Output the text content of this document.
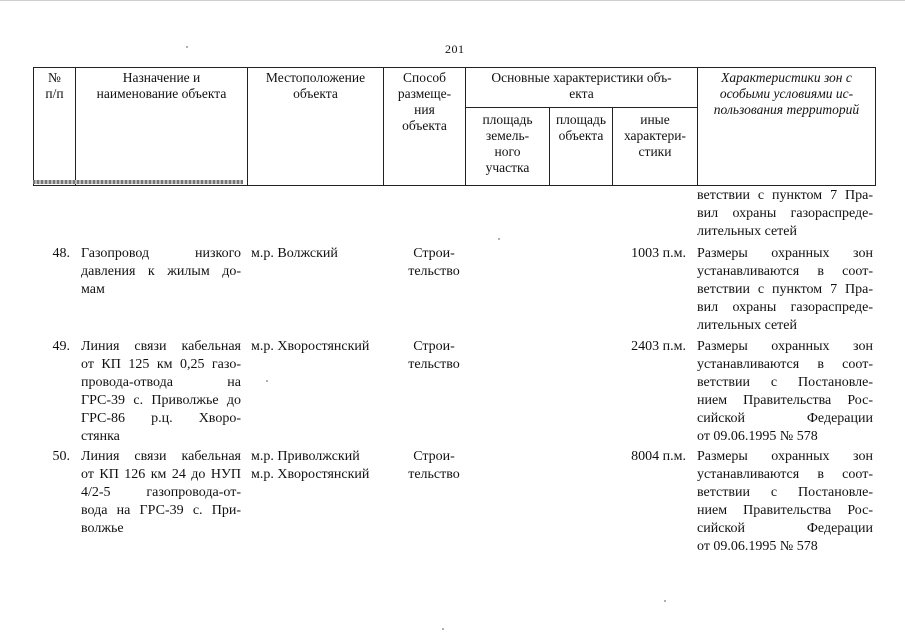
201
№
п/п
Назначение и
наименование объекта
Местоположение
объекта
Способ
размеще-
ния
объекта
Основные характеристики объ-
екта
площадь
земель-
ного
участка
площадь
объекта
иные
характери-
стики
Характеристики зон с
особыми условиями ис-
пользования территорий
ветствии с пунктом 7 Пра-
вил охраны газораспреде-
лительных сетей
48. Газопровод низкого
давления к жилым до-
мам
м.р. Волжский	Строи-
тельство
1003 п.м. Размеры охранных зон
устанавливаются в соот-
ветствии с пунктом 7 Пра-
вил охраны газораспреде-
лительных сетей
49. Линия связи кабельная
от КП 125 км 0,25 газо-
провода-отвода на
ГРС-39 с. Приволжье до
ГРС-86 р.ц. Хворо-
стянка
м.р. Хворостянский	Строи-
тельство
2403 п.м. Размеры охранных зон
устанавливаются в соот-
ветствии с Постановле-
нием Правительства Рос-
сийской Федерации
от 09.06.1995 № 578
50. Линия связи кабельная
от КП 126 км 24 до НУП
4/2-5 газопровода-от-
вода на ГРС-39 с. При-
волжье
м.р. Приволжский
м.р. Хворостянский
Строи-
тельство
8004 п.м. Размеры охранных зон
устанавливаются в соот-
ветствии с Постановле-
нием Правительства Рос-
сийской Федерации
от 09.06.1995 № 578
